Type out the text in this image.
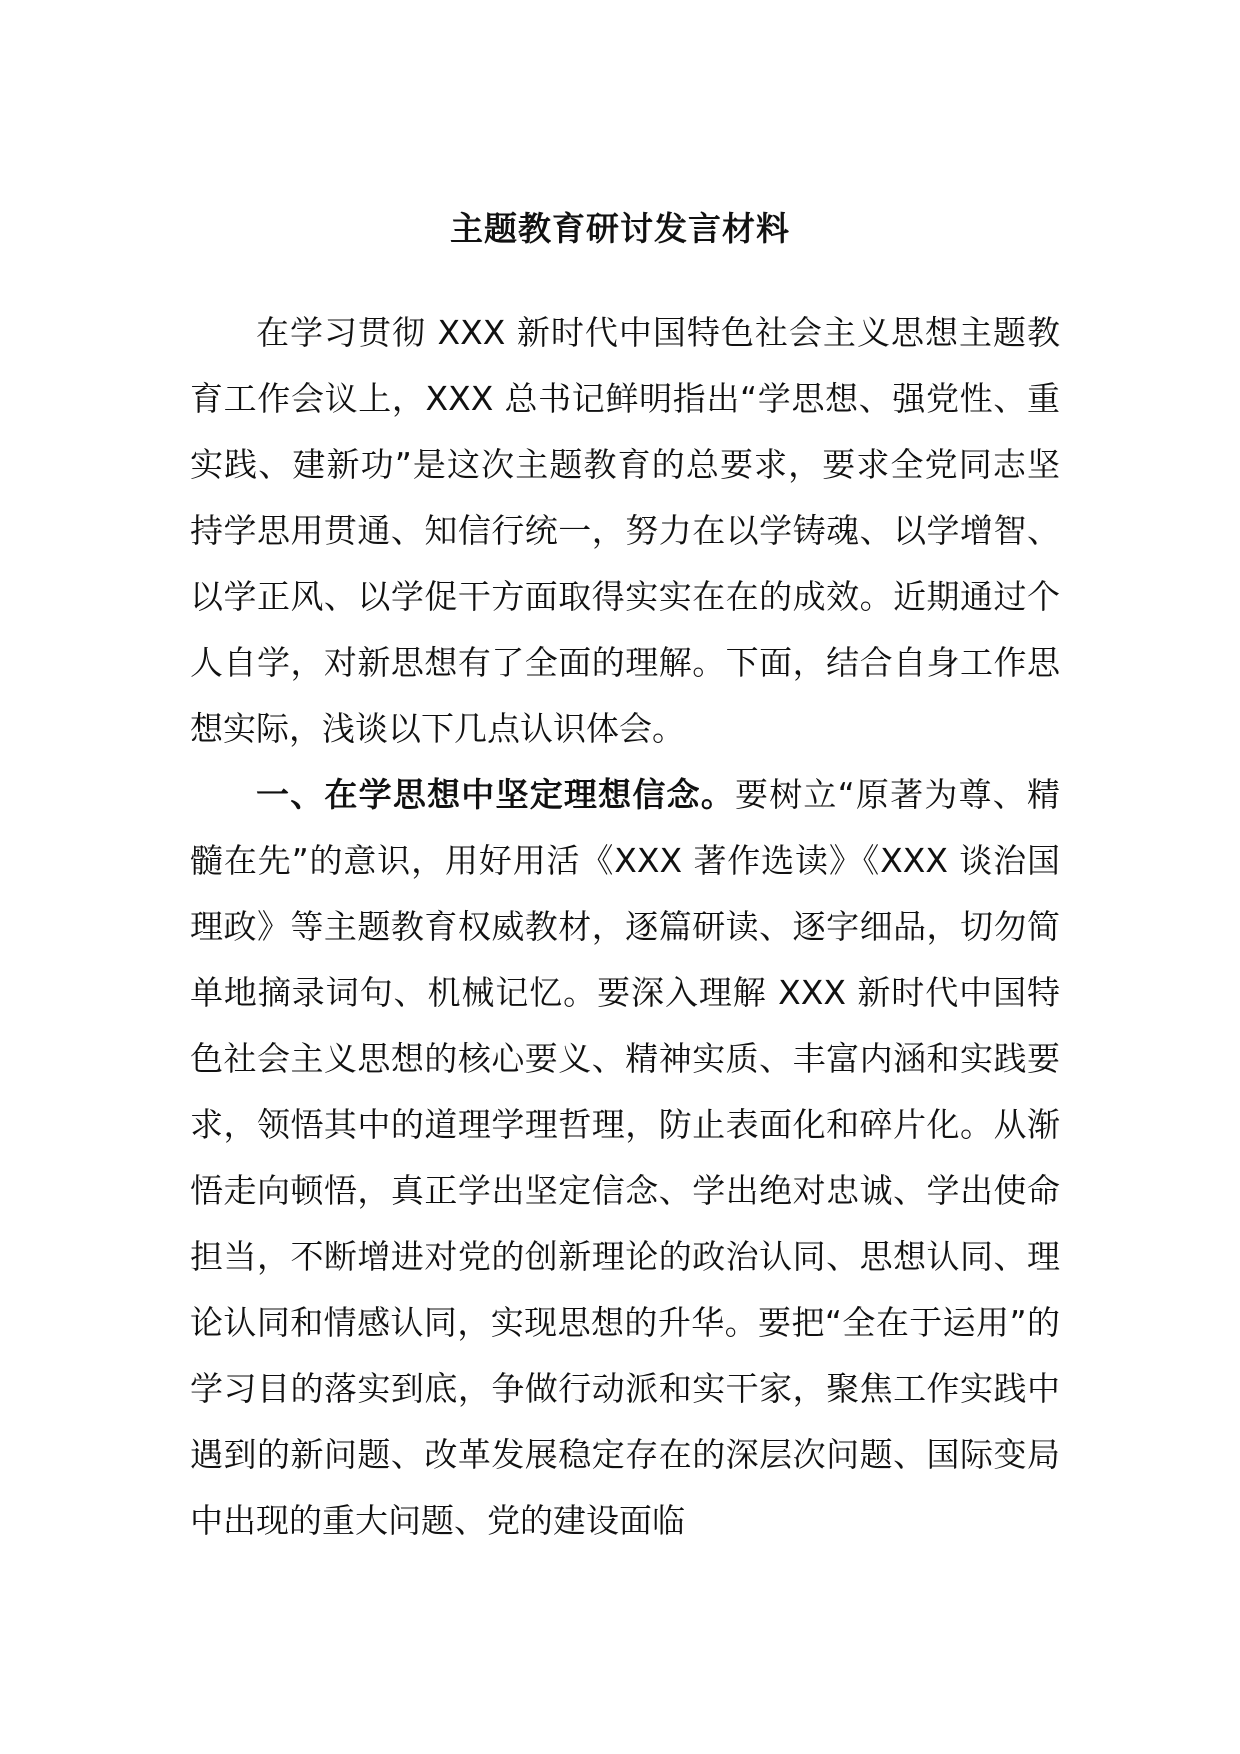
主题教育研讨发言材料

在学习贯彻 XXX 新时代中国特色社会主义思想主题教育工作会议上，XXX 总书记鲜明指出“学思想、强党性、重实践、建新功”是这次主题教育的总要求，要求全党同志坚持学思用贯通、知信行统一，努力在以学铸魂、以学增智、以学正风、以学促干方面取得实实在在的成效。近期通过个人自学，对新思想有了全面的理解。下面，结合自身工作思想实际，浅谈以下几点认识体会。

一、在学思想中坚定理想信念。要树立“原著为尊、精髓在先”的意识，用好用活《XXX 著作选读》《XXX 谈治国理政》等主题教育权威教材，逐篇研读、逐字细品，切勿简单地摘录词句、机械记忆。要深入理解 XXX 新时代中国特色社会主义思想的核心要义、精神实质、丰富内涵和实践要求，领悟其中的道理学理哲理，防止表面化和碎片化。从渐悟走向顿悟，真正学出坚定信念、学出绝对忠诚、学出使命担当，不断增进对党的创新理论的政治认同、思想认同、理论认同和情感认同，实现思想的升华。要把“全在于运用”的学习目的落实到底，争做行动派和实干家，聚焦工作实践中遇到的新问题、改革发展稳定存在的深层次问题、国际变局中出现的重大问题、党的建设面临
